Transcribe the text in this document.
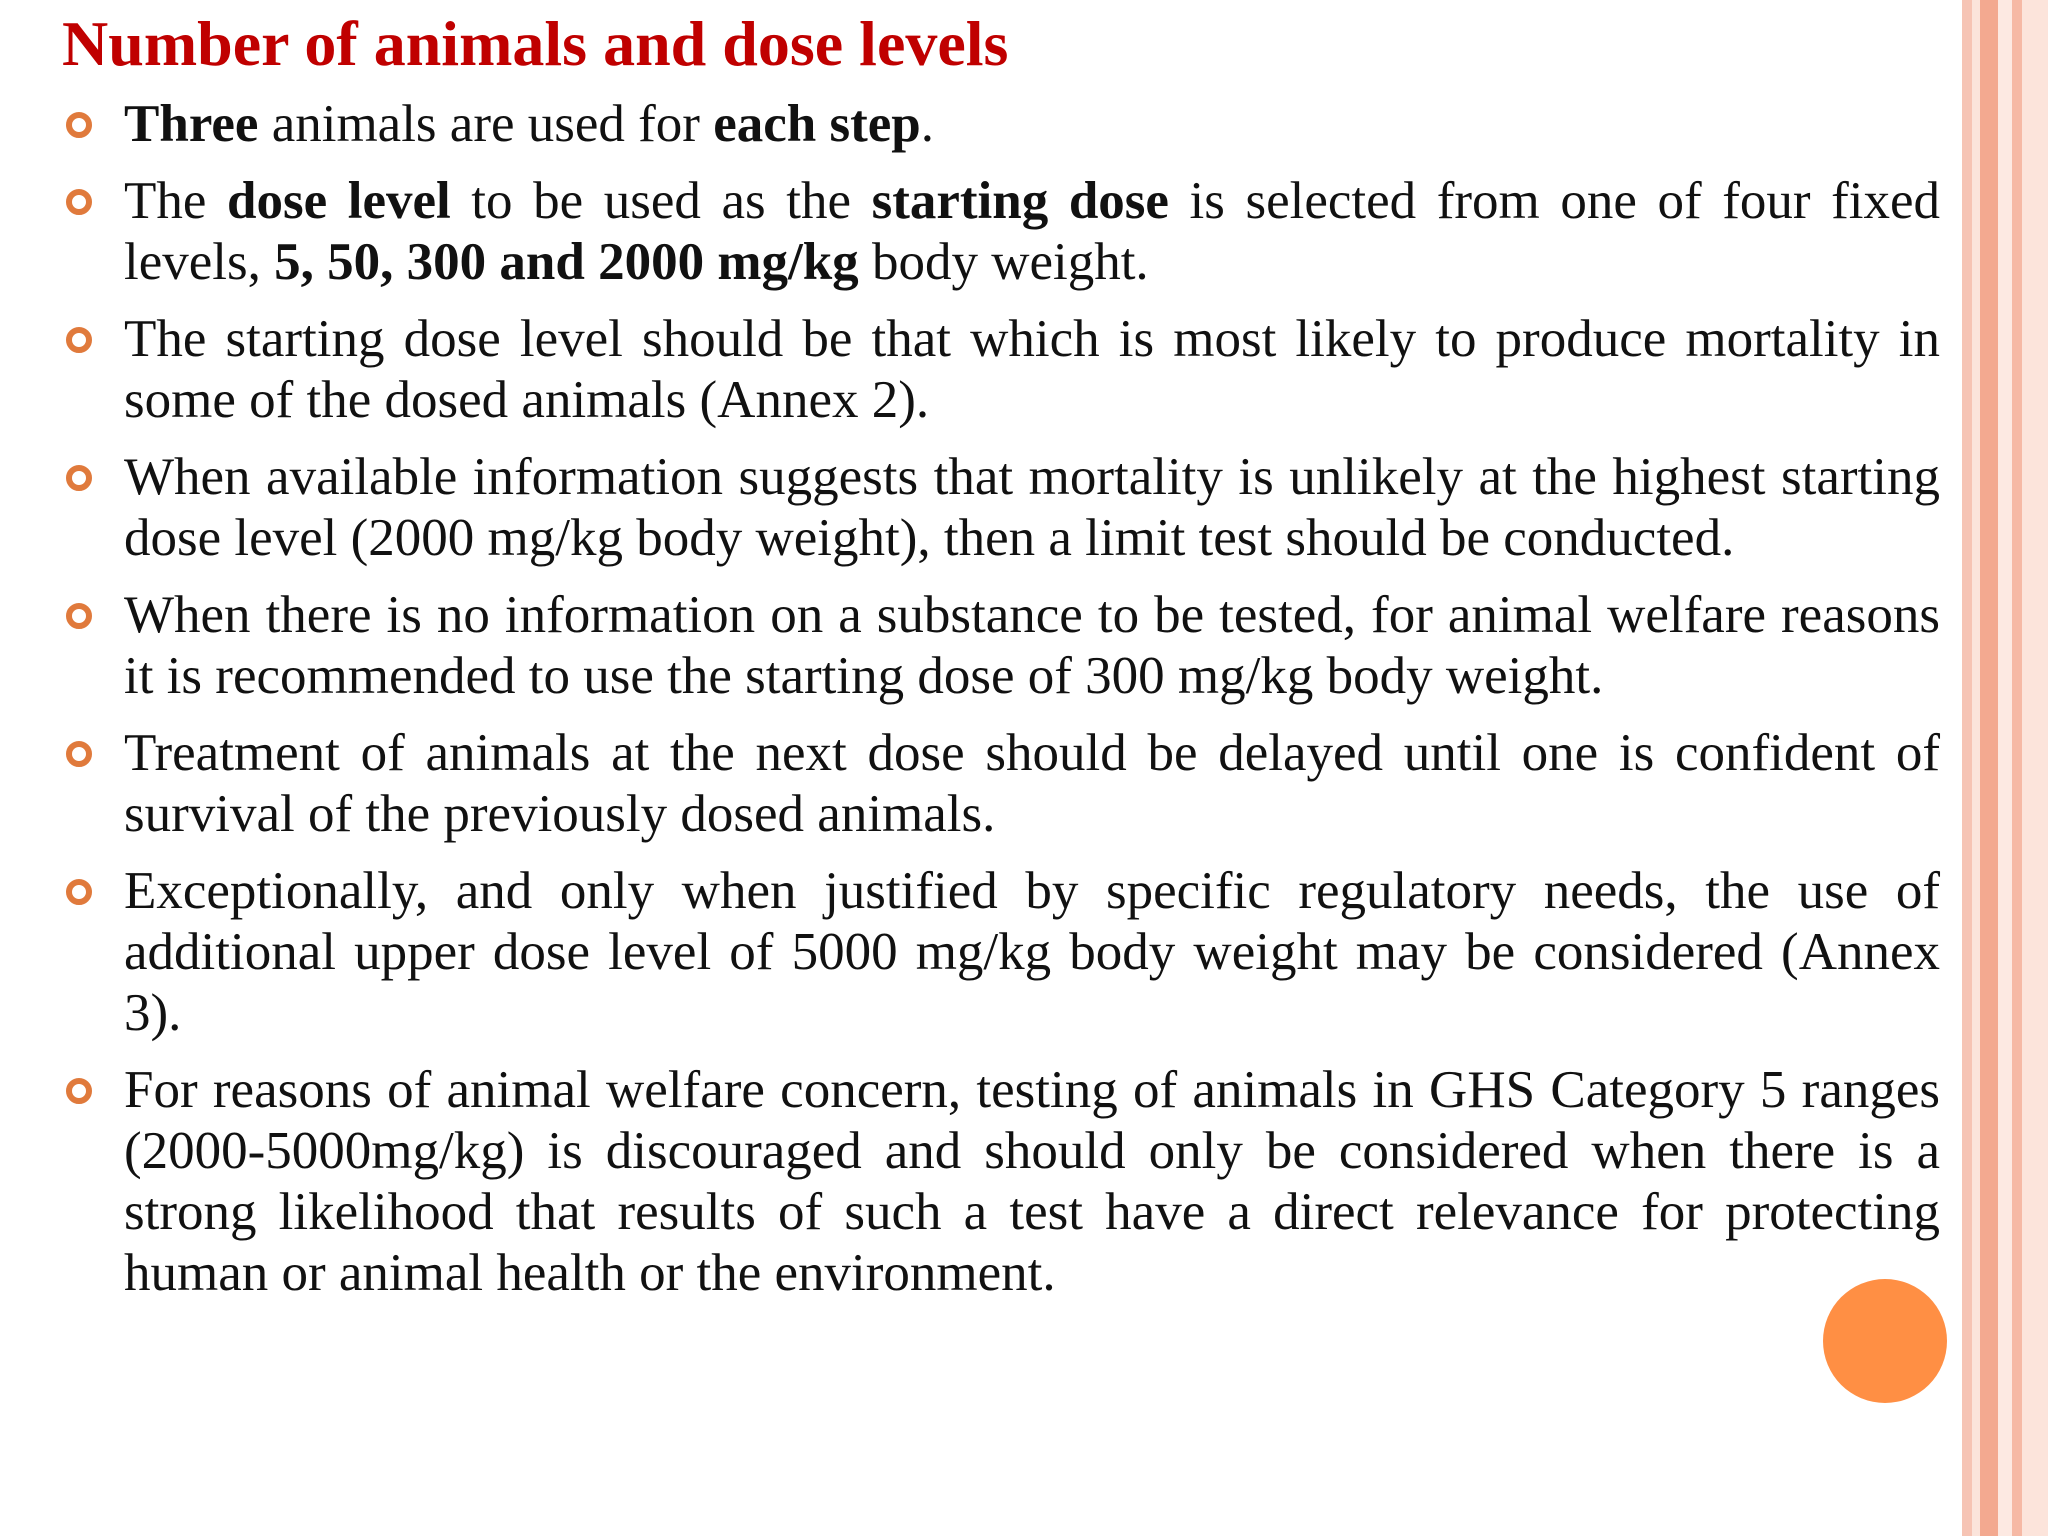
Number of animals and dose levels
Three animals are used for each step.
The dose level to be used as the starting dose is selected from one of four fixed levels, 5, 50, 300 and 2000 mg/kg body weight.
The starting dose level should be that which is most likely to produce mortality in some of the dosed animals (Annex 2).
When available information suggests that mortality is unlikely at the highest starting dose level (2000 mg/kg body weight), then a limit test should be conducted.
When there is no information on a substance to be tested, for animal welfare reasons it is recommended to use the starting dose of 300 mg/kg body weight.
Treatment of animals at the next dose should be delayed until one is confident of survival of the previously dosed animals.
Exceptionally, and only when justified by specific regulatory needs, the use of additional upper dose level of 5000 mg/kg body weight may be considered (Annex 3).
For reasons of animal welfare concern, testing of animals in GHS Category 5 ranges (2000-5000mg/kg) is discouraged and should only be considered when there is a strong likelihood that results of such a test have a direct relevance for protecting human or animal health or the environment.
